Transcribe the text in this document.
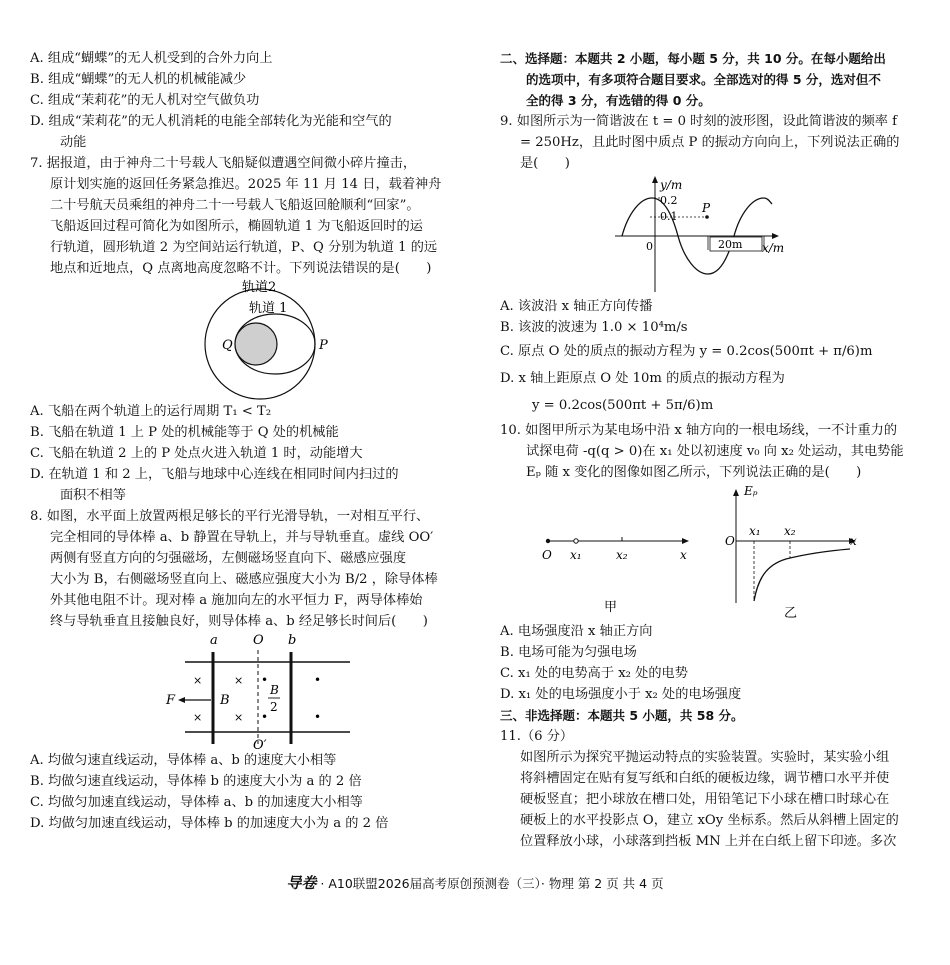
A. 组成“蝴蝶”的无人机受到的合外力向上
B. 组成“蝴蝶”的无人机的机械能减少
C. 组成“茉莉花”的无人机对空气做负功
D. 组成“茉莉花”的无人机消耗的电能全部转化为光能和空气的
动能
7. 据报道，由于神舟二十号载人飞船疑似遭遇空间微小碎片撞击，
原计划实施的返回任务紧急推迟。2025 年 11 月 14 日，载着神舟
二十号航天员乘组的神舟二十一号载人飞船返回舱顺利“回家”。
飞船返回过程可简化为如图所示，椭圆轨道 1 为飞船返回时的运
行轨道，圆形轨道 2 为空间站运行轨道，P、Q 分别为轨道 1 的远
地点和近地点，Q 点离地高度忽略不计。下列说法错误的是(　　)
轨道2
轨道 1
Q	P
A. 飞船在两个轨道上的运行周期 T₁ < T₂
B. 飞船在轨道 1 上 P 处的机械能等于 Q 处的机械能
C. 飞船在轨道 2 上的 P 处点火进入轨道 1 时，动能增大
D. 在轨道 1 和 2 上，飞船与地球中心连线在相同时间内扫过的
面积不相等
8. 如图，水平面上放置两根足够长的平行光滑导轨，一对相互平行、
完全相同的导体棒 a、b 静置在导轨上，并与导轨垂直。虚线 OO′
两侧有竖直方向的匀强磁场，左侧磁场竖直向下、磁感应强度
大小为 B，右侧磁场竖直向上、磁感应强度大小为 B/2 ，除导体棒
外其他电阻不计。现对棒 a 施加向左的水平恒力 F，两导体棒始
终与导轨垂直且接触良好，则导体棒 a、b 经足够长时间后(　　)
a	O b
O′
F
×	×
×	×
B
•	•
•	•
B
2
A. 均做匀速直线运动，导体棒 a、b 的速度大小相等
B. 均做匀速直线运动，导体棒 b 的速度大小为 a 的 2 倍
C. 均做匀加速直线运动，导体棒 a、b 的加速度大小相等
D. 均做匀加速直线运动，导体棒 b 的加速度大小为 a 的 2 倍
二、选择题：本题共 2 小题，每小题 5 分，共 10 分。在每小题给出
的选项中，有多项符合题目要求。全部选对的得 5 分，选对但不
全的得 3 分，有选错的得 0 分。
9. 如图所示为一简谐波在 t = 0 时刻的波形图，设此简谐波的频率 f
= 250Hz，且此时图中质点 P 的振动方向向上，下列说法正确的
是(　　)
y/m
x/m
0.2
0.1
0
P
20m
A. 该波沿 x 轴正方向传播
B. 该波的波速为 1.0 × 10⁴m/s
C. 原点 O 处的质点的振动方程为 y = 0.2cos(500πt + π/6)m
D. x 轴上距原点 O 处 10m 的质点的振动方程为
y = 0.2cos(500πt + 5π/6)m
10. 如图甲所示为某电场中沿 x 轴方向的一根电场线，一不计重力的
试探电荷 -q(q > 0)在 x₁ 处以初速度 v₀ 向 x₂ 处运动，其电势能
Eₚ 随 x 变化的图像如图乙所示，下列说法正确的是(　　)
O x₁	x₂	x
甲
Eₚ
O
x₁ x₂
x
乙
A. 电场强度沿 x 轴正方向
B. 电场可能为匀强电场
C. x₁ 处的电势高于 x₂ 处的电势
D. x₁ 处的电场强度小于 x₂ 处的电场强度
三、非选择题：本题共 5 小题，共 58 分。
11.（6 分）
如图所示为探究平抛运动特点的实验装置。实验时，某实验小组
将斜槽固定在贴有复写纸和白纸的硬板边缘，调节槽口水平并使
硬板竖直；把小球放在槽口处，用铅笔记下小球在槽口时球心在
硬板上的水平投影点 O，建立 xOy 坐标系。然后从斜槽上固定的
位置释放小球，小球落到挡板 MN 上并在白纸上留下印迹。多次
导卷 · A10联盟2026届高考原创预测卷（三）· 物理 第 2 页 共 4 页
